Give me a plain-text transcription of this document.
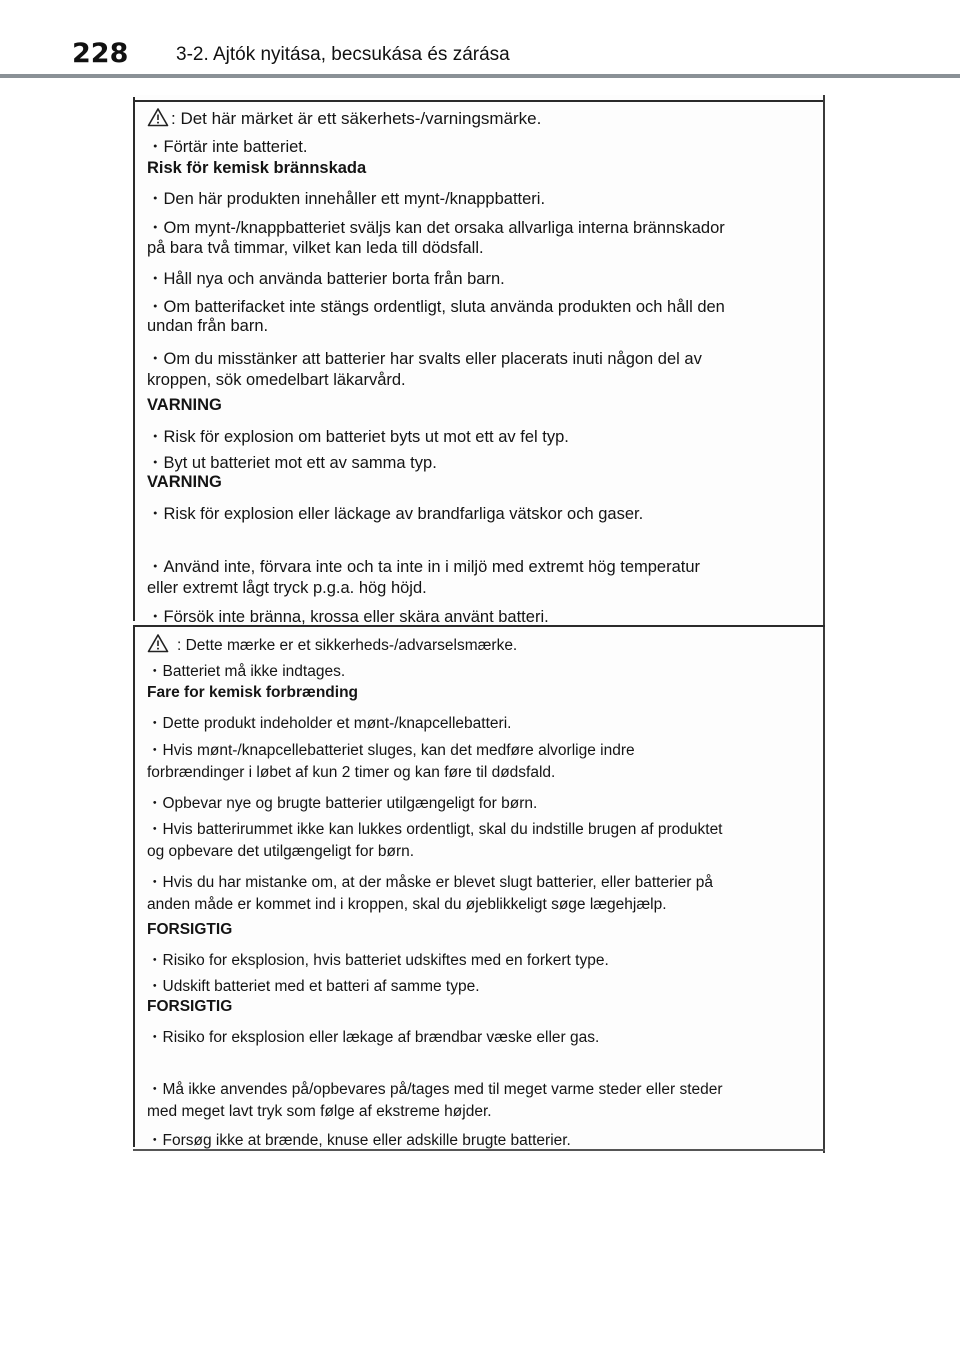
228	3-2. Ajtók nyitása, becsukása és zárása
: Det här märket är ett säkerhets-/varningsmärke.
・Förtär inte batteriet.
Risk för kemisk brännskada
・Den här produkten innehåller ett mynt-/knappbatteri.
・Om mynt-/knappbatteriet sväljs kan det orsaka allvarliga interna brännskador
på bara två timmar, vilket kan leda till dödsfall.
・Håll nya och använda batterier borta från barn.
・Om batterifacket inte stängs ordentligt, sluta använda produkten och håll den
undan från barn.
・Om du misstänker att batterier har svalts eller placerats inuti någon del av
kroppen, sök omedelbart läkarvård.
VARNING
・Risk för explosion om batteriet byts ut mot ett av fel typ.
・Byt ut batteriet mot ett av samma typ.
VARNING
・Risk för explosion eller läckage av brandfarliga vätskor och gaser.
・Använd inte, förvara inte och ta inte in i miljö med extremt hög temperatur
eller extremt lågt tryck p.g.a. hög höjd.
・Försök inte bränna, krossa eller skära använt batteri.
: Dette mærke er et sikkerheds-/advarselsmærke.
・Batteriet må ikke indtages.
Fare for kemisk forbrænding
・Dette produkt indeholder et mønt-/knapcellebatteri.
・Hvis mønt-/knapcellebatteriet sluges, kan det medføre alvorlige indre
forbrændinger i løbet af kun 2 timer og kan føre til dødsfald.
・Opbevar nye og brugte batterier utilgængeligt for børn.
・Hvis batterirummet ikke kan lukkes ordentligt, skal du indstille brugen af produktet
og opbevare det utilgængeligt for børn.
・Hvis du har mistanke om, at der måske er blevet slugt batterier, eller batterier på
anden måde er kommet ind i kroppen, skal du øjeblikkeligt søge lægehjælp.
FORSIGTIG
・Risiko for eksplosion, hvis batteriet udskiftes med en forkert type.
・Udskift batteriet med et batteri af samme type.
FORSIGTIG
・Risiko for eksplosion eller lækage af brændbar væske eller gas.
・Må ikke anvendes på/opbevares på/tages med til meget varme steder eller steder
med meget lavt tryk som følge af ekstreme højder.
・Forsøg ikke at brænde, knuse eller adskille brugte batterier.
